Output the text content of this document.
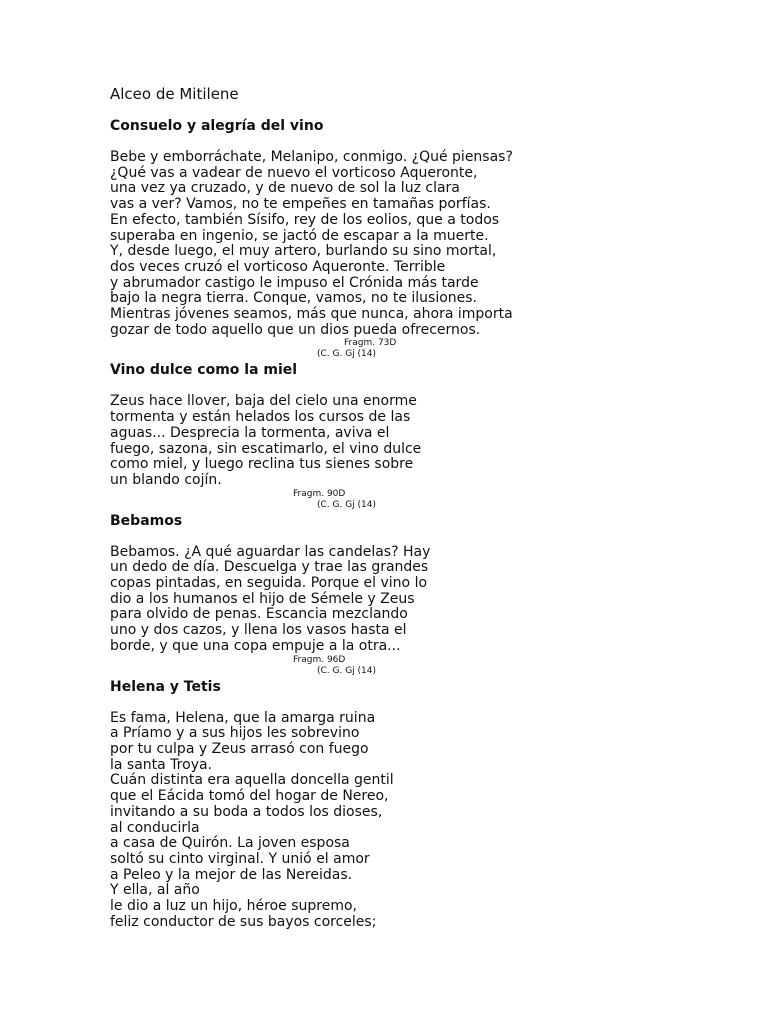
Alceo de Mitilene
Consuelo y alegría del vino
Bebe y emborráchate, Melanipo, conmigo. ¿Qué piensas?
¿Qué vas a vadear de nuevo el vorticoso Aqueronte,
una vez ya cruzado, y de nuevo de sol la luz clara
vas a ver? Vamos, no te empeñes en tamañas porfías.
En efecto, también Sísifo, rey de los eolios, que a todos
superaba en ingenio, se jactó de escapar a la muerte.
Y, desde luego, el muy artero, burlando su sino mortal,
dos veces cruzó el vorticoso Aqueronte. Terrible
y abrumador castigo le impuso el Crónida más tarde
bajo la negra tierra. Conque, vamos, no te ilusiones.
Mientras jóvenes seamos, más que nunca, ahora importa
gozar de todo aquello que un dios pueda ofrecernos.
Fragm. 73D
(C. G. Gj (14)
Vino dulce como la miel
Zeus hace llover, baja del cielo una enorme
tormenta y están helados los cursos de las
aguas... Desprecia la tormenta, aviva el
fuego, sazona, sin escatimarlo, el vino dulce
como miel, y luego reclina tus sienes sobre
un blando cojín.
Fragm. 90D
(C. G. Gj (14)
Bebamos
Bebamos. ¿A qué aguardar las candelas? Hay
un dedo de día. Descuelga y trae las grandes
copas pintadas, en seguida. Porque el vino lo
dio a los humanos el hijo de Sémele y Zeus
para olvido de penas. Escancia mezclando
uno y dos cazos, y llena los vasos hasta el
borde, y que una copa empuje a la otra...
Fragm. 96D
(C. G. Gj (14)
Helena y Tetis
Es fama, Helena, que la amarga ruina
a Príamo y a sus hijos les sobrevino
por tu culpa y Zeus arrasó con fuego
la santa Troya.
Cuán distinta era aquella doncella gentil
que el Eácida tomó del hogar de Nereo,
invitando a su boda a todos los dioses,
al conducirla
a casa de Quirón. La joven esposa
soltó su cinto virginal. Y unió el amor
a Peleo y la mejor de las Nereidas.
Y ella, al año
le dio a luz un hijo, héroe supremo,
feliz conductor de sus bayos corceles;
